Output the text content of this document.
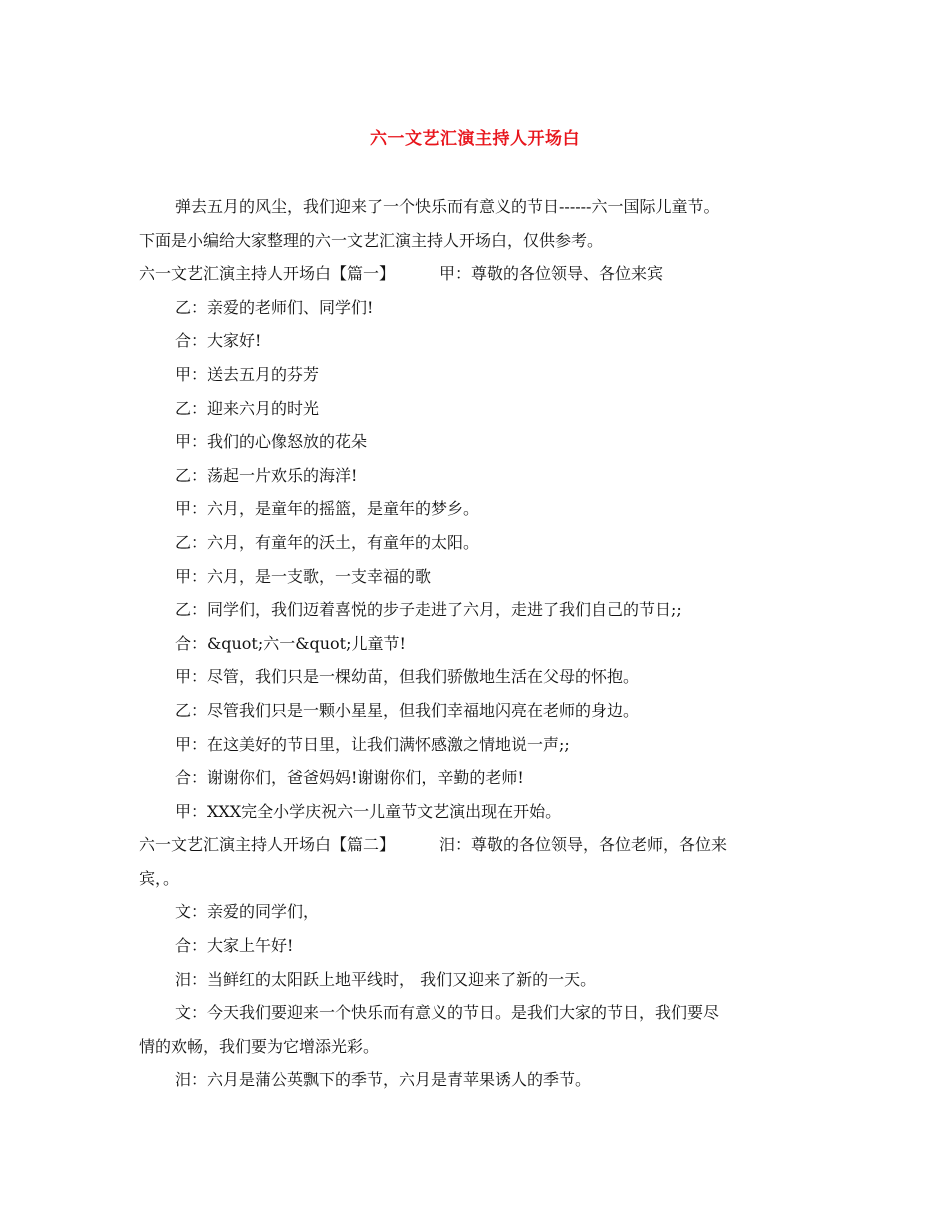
六一文艺汇演主持人开场白
弹去五月的风尘，我们迎来了一个快乐而有意义的节日------六一国际儿童节。
下面是小编给大家整理的六一文艺汇演主持人开场白，仅供参考。
六一文艺汇演主持人开场白【篇一】	甲：尊敬的各位领导、各位来宾
乙：亲爱的老师们、同学们!
合：大家好!
甲：送去五月的芬芳
乙：迎来六月的时光
甲：我们的心像怒放的花朵
乙：荡起一片欢乐的海洋!
甲：六月，是童年的摇篮，是童年的梦乡。
乙：六月，有童年的沃土，有童年的太阳。
甲：六月，是一支歌，一支幸福的歌
乙：同学们，我们迈着喜悦的步子走进了六月，走进了我们自己的节日;;
合：&quot;六一&quot;儿童节!
甲：尽管，我们只是一棵幼苗，但我们骄傲地生活在父母的怀抱。
乙：尽管我们只是一颗小星星，但我们幸福地闪亮在老师的身边。
甲：在这美好的节日里，让我们满怀感激之情地说一声;;
合：谢谢你们，爸爸妈妈!谢谢你们，辛勤的老师!
甲：XXX完全小学庆祝六一儿童节文艺演出现在开始。
六一文艺汇演主持人开场白【篇二】	汨：尊敬的各位领导，各位老师，各位来
宾，。
文：亲爱的同学们，
合：大家上午好!
汨：当鲜红的太阳跃上地平线时， 我们又迎来了新的一天。
文：今天我们要迎来一个快乐而有意义的节日。是我们大家的节日，我们要尽
情的欢畅，我们要为它增添光彩。
汨：六月是蒲公英飘下的季节，六月是青苹果诱人的季节。
